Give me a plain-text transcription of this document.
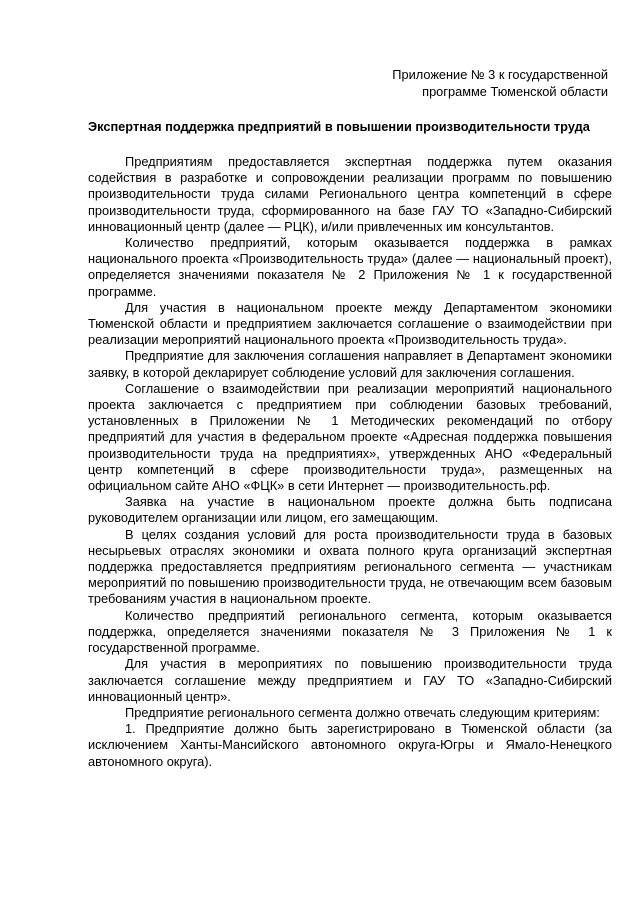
Приложение № 3 к государственной
программе Тюменской области
Экспертная поддержка предприятий в повышении производительности труда

Предприятиям предоставляется экспертная поддержка путем оказания содействия в разработке и сопровождении реализации программ по повышению производительности труда силами Регионального центра компетенций в сфере производительности труда, сформированного на базе ГАУ ТО «Западно-Сибирский инновационный центр (далее — РЦК), и/или привлеченных им консультантов.

Количество предприятий, которым оказывается поддержка в рамках национального проекта «Производительность труда» (далее — национальный проект), определяется значениями показателя № 2 Приложения № 1 к государственной программе.

Для участия в национальном проекте между Департаментом экономики Тюменской области и предприятием заключается соглашение о взаимодействии при реализации мероприятий национального проекта «Производительность труда».

Предприятие для заключения соглашения направляет в Департамент экономики заявку, в которой декларирует соблюдение условий для заключения соглашения.

Соглашение о взаимодействии при реализации мероприятий национального проекта заключается с предприятием при соблюдении базовых требований, установленных в Приложении № 1 Методических рекомендаций по отбору предприятий для участия в федеральном проекте «Адресная поддержка повышения производительности труда на предприятиях», утвержденных АНО «Федеральный центр компетенций в сфере производительности труда», размещенных на официальном сайте АНО «ФЦК» в сети Интернет — производительность.рф.

Заявка на участие в национальном проекте должна быть подписана руководителем организации или лицом, его замещающим.

В целях создания условий для роста производительности труда в базовых несырьевых отраслях экономики и охвата полного круга организаций экспертная поддержка предоставляется предприятиям регионального сегмента — участникам мероприятий по повышению производительности труда, не отвечающим всем базовым требованиям участия в национальном проекте.

Количество предприятий регионального сегмента, которым оказывается поддержка, определяется значениями показателя № 3 Приложения № 1 к государственной программе.

Для участия в мероприятиях по повышению производительности труда заключается соглашение между предприятием и ГАУ ТО «Западно-Сибирский инновационный центр».

Предприятие регионального сегмента должно отвечать следующим критериям:

1. Предприятие должно быть зарегистрировано в Тюменской области (за исключением Ханты-Мансийского автономного округа-Югры и Ямало-Ненецкого автономного округа).
